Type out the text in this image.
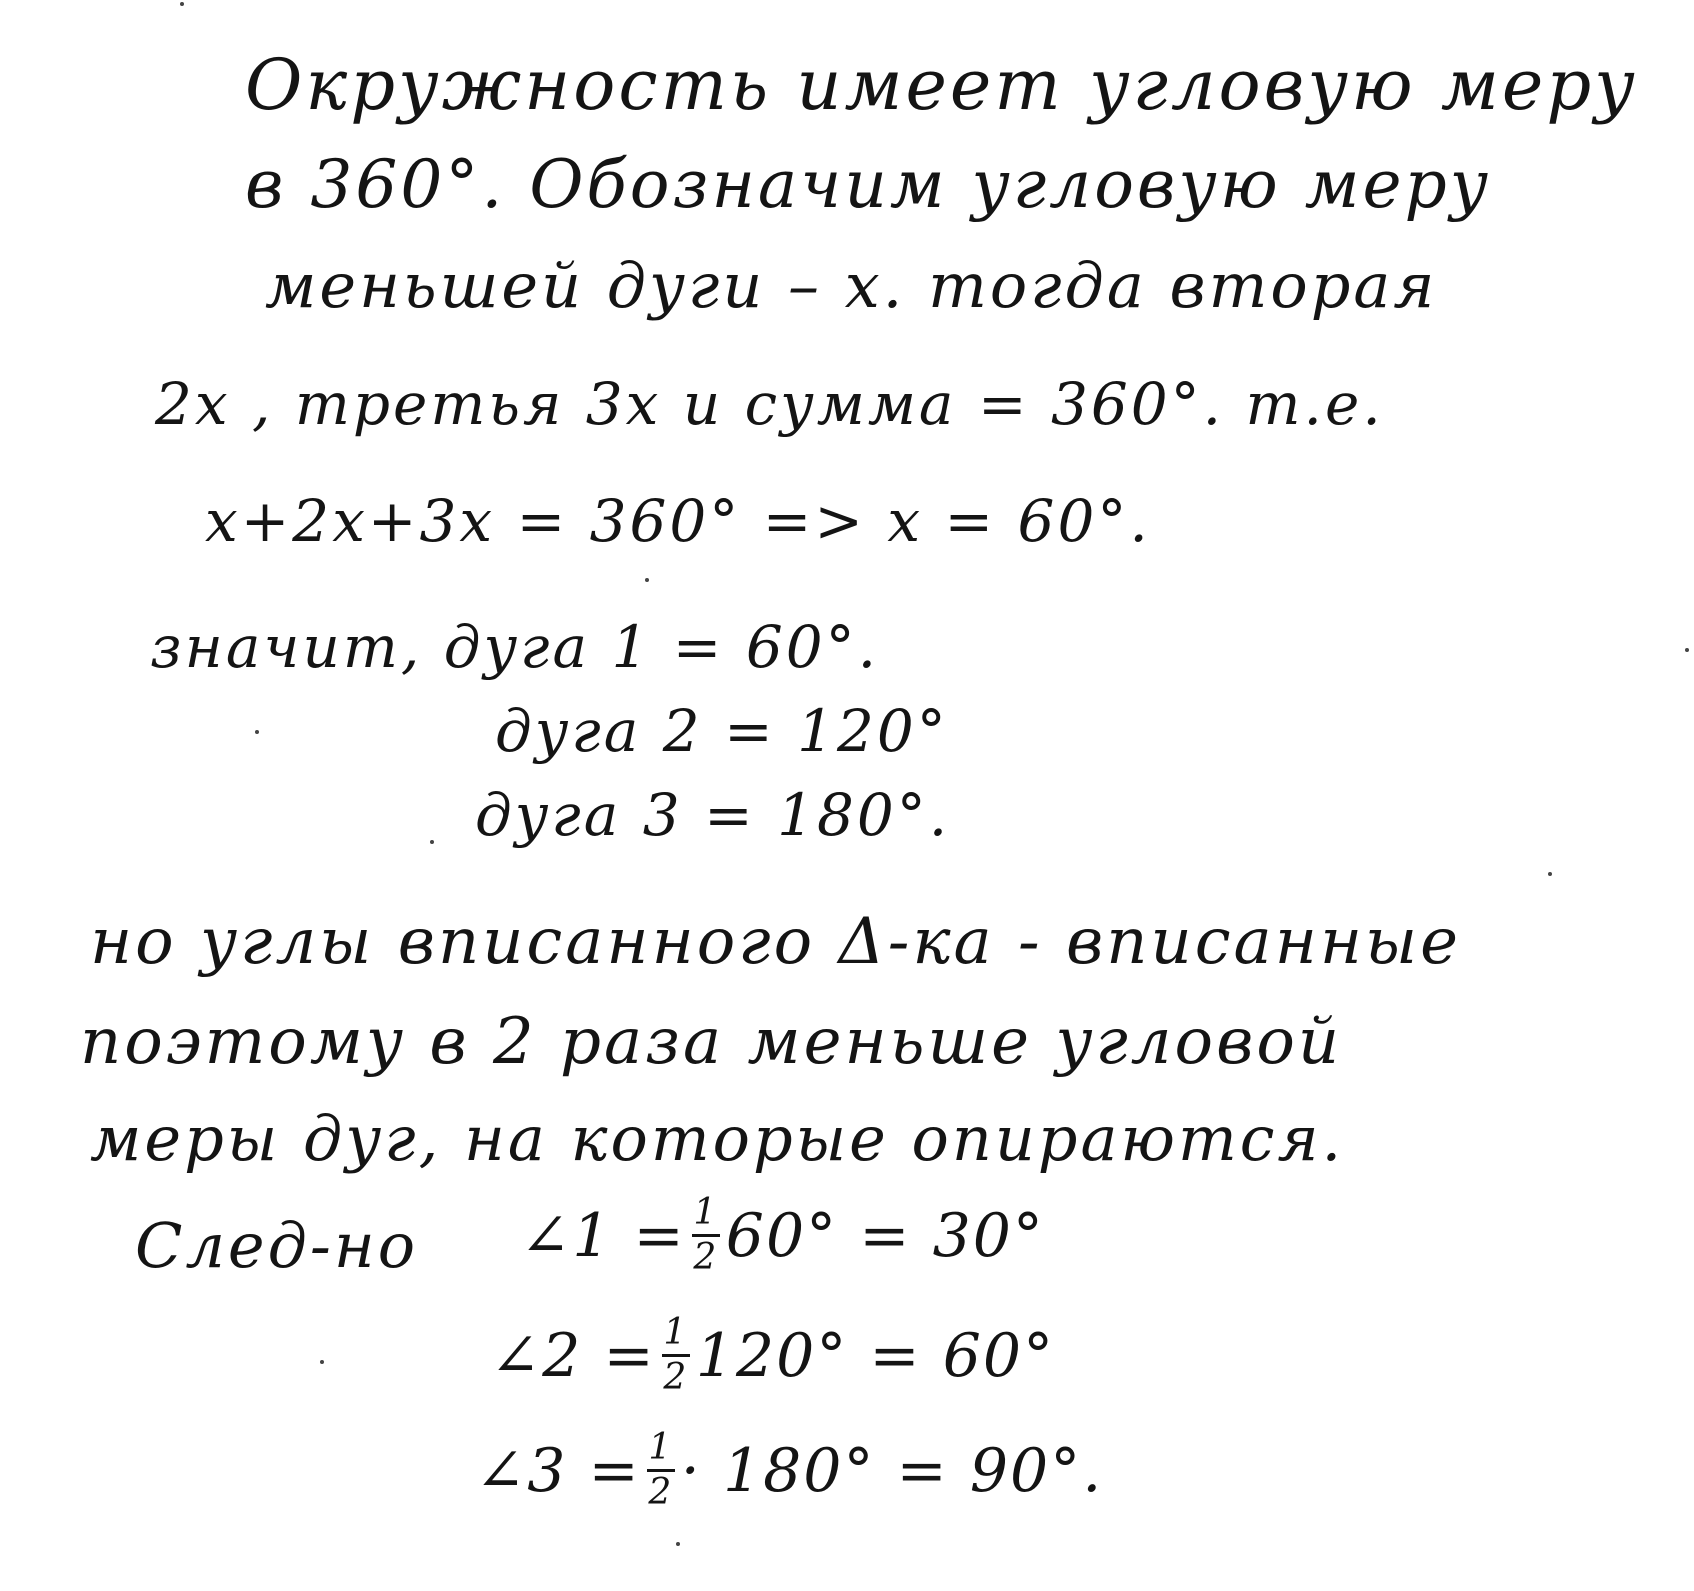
Окружность имеет угловую меру
в 360°. Обозначим угловую меру
меньшей дуги – x. тогда вторая
2x , третья 3x и сумма = 360°. т.е.
x+2x+3x = 360° => x = 60°.
значит, дуга 1 = 60°.
дуга 2 = 120°
дуга 3 = 180°.
но углы вписанного Δ-ка - вписанные
поэтому в 2 раза меньше угловой
меры дуг, на которые опираются.
След-но ∠1 = $\frac{1}{2} 60^\circ = 30^\circ$
∠2 = $\frac{1}{2} 120^\circ = 60^\circ$
∠3 = $\frac{1}{2} \cdot 180^\circ = 90^\circ$.
